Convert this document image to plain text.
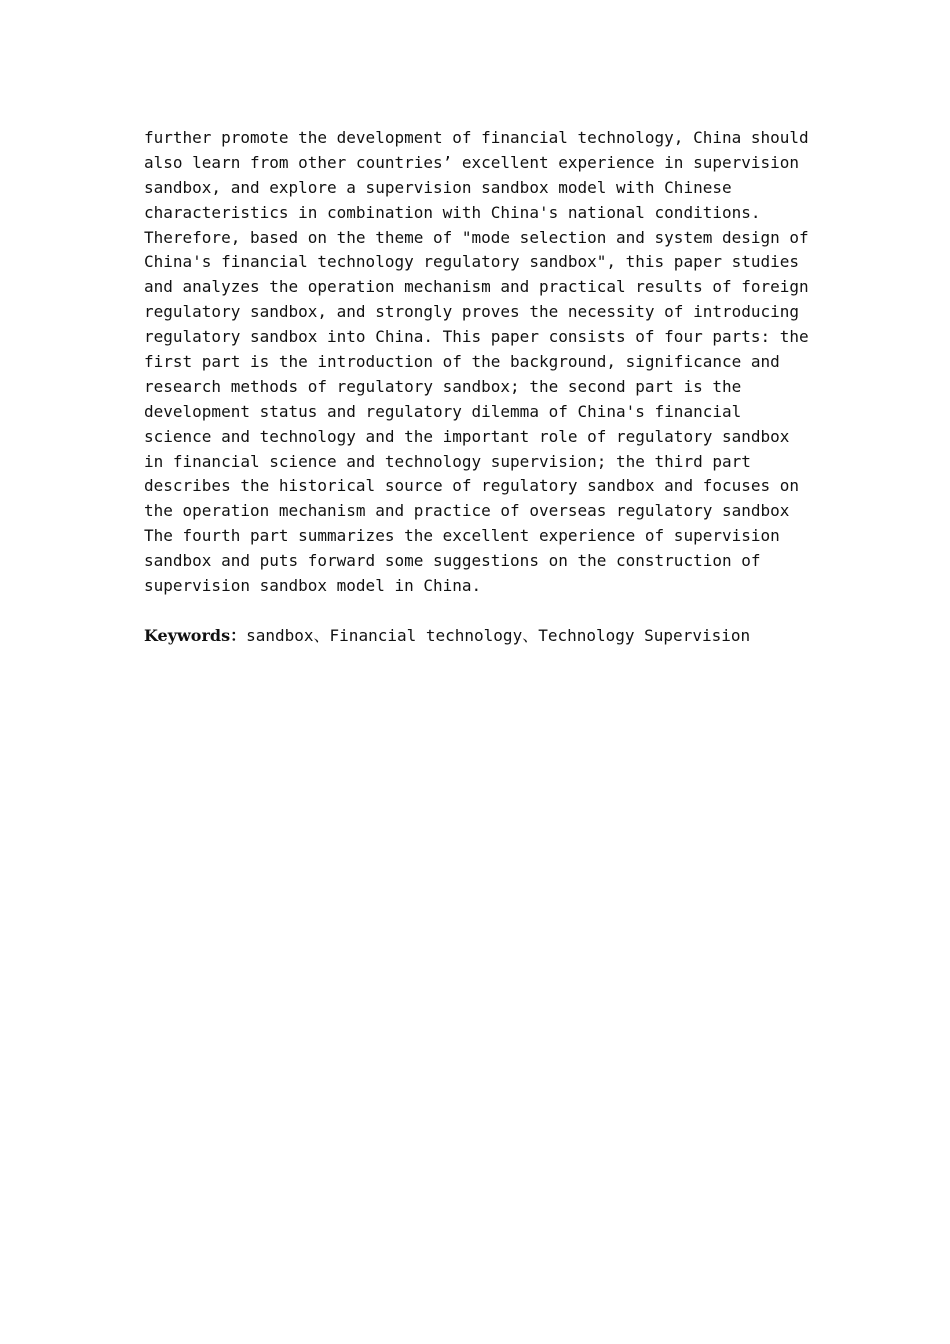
further promote the development of financial technology, China should
also learn from other countries’ excellent experience in supervision
sandbox, and explore a supervision sandbox model with Chinese
characteristics in combination with China's national conditions.
Therefore, based on the theme of "mode selection and system design of
China's financial technology regulatory sandbox", this paper studies
and analyzes the operation mechanism and practical results of foreign
regulatory sandbox, and strongly proves the necessity of introducing
regulatory sandbox into China. This paper consists of four parts: the
first part is the introduction of the background, significance and
research methods of regulatory sandbox; the second part is the
development status and regulatory dilemma of China's financial
science and technology and the important role of regulatory sandbox
in financial science and technology supervision; the third part
describes the historical source of regulatory sandbox and focuses on
the operation mechanism and practice of overseas regulatory sandbox
The fourth part summarizes the excellent experience of supervision
sandbox and puts forward some suggestions on the construction of
supervision sandbox model in China.
Keywords：sandbox、Financial technology、Technology Supervision
